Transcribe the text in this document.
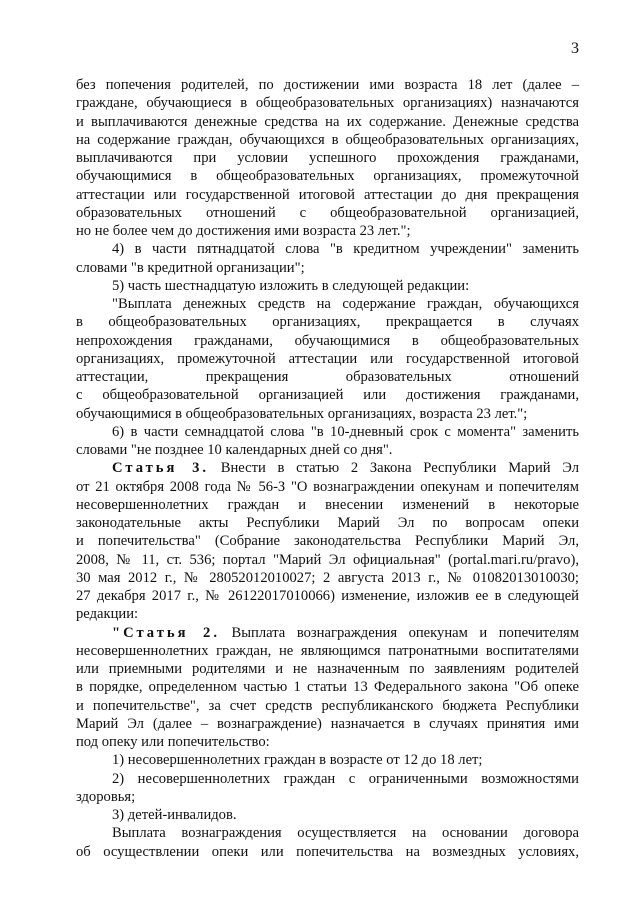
3
без попечения родителей, по достижении ими возраста 18 лет (далее –
граждане, обучающиеся в общеобразовательных организациях) назначаются
и выплачиваются денежные средства на их содержание. Денежные средства
на содержание граждан, обучающихся в общеобразовательных организациях,
выплачиваются при условии успешного прохождения гражданами,
обучающимися в общеобразовательных организациях, промежуточной
аттестации или государственной итоговой аттестации до дня прекращения
образовательных отношений с общеобразовательной организацией,
но не более чем до достижения ими возраста 23 лет.";
4) в части пятнадцатой слова "в кредитном учреждении" заменить
словами "в кредитной организации";
5) часть шестнадцатую изложить в следующей редакции:
"Выплата денежных средств на содержание граждан, обучающихся
в общеобразовательных организациях, прекращается в случаях
непрохождения гражданами, обучающимися в общеобразовательных
организациях, промежуточной аттестации или государственной итоговой
аттестации, прекращения образовательных отношений
с общеобразовательной организацией или достижения гражданами,
обучающимися в общеобразовательных организациях, возраста 23 лет.";
6) в части семнадцатой слова "в 10-дневный срок с момента" заменить
словами "не позднее 10 календарных дней со дня".
Статья 3. Внести в статью 2 Закона Республики Марий Эл
от 21 октября 2008 года № 56-З "О вознаграждении опекунам и попечителям
несовершеннолетних граждан и внесении изменений в некоторые
законодательные акты Республики Марий Эл по вопросам опеки
и попечительства" (Собрание законодательства Республики Марий Эл,
2008, № 11, ст. 536; портал "Марий Эл официальная" (portal.mari.ru/pravo),
30 мая 2012 г., № 28052012010027; 2 августа 2013 г., № 01082013010030;
27 декабря 2017 г., № 26122017010066) изменение, изложив ее в следующей
редакции:
"Статья 2. Выплата вознаграждения опекунам и попечителям
несовершеннолетних граждан, не являющимся патронатными воспитателями
или приемными родителями и не назначенным по заявлениям родителей
в порядке, определенном частью 1 статьи 13 Федерального закона "Об опеке
и попечительстве", за счет средств республиканского бюджета Республики
Марий Эл (далее – вознаграждение) назначается в случаях принятия ими
под опеку или попечительство:
1) несовершеннолетних граждан в возрасте от 12 до 18 лет;
2) несовершеннолетних граждан с ограниченными возможностями
здоровья;
3) детей-инвалидов.
Выплата вознаграждения осуществляется на основании договора
об осуществлении опеки или попечительства на возмездных условиях,
